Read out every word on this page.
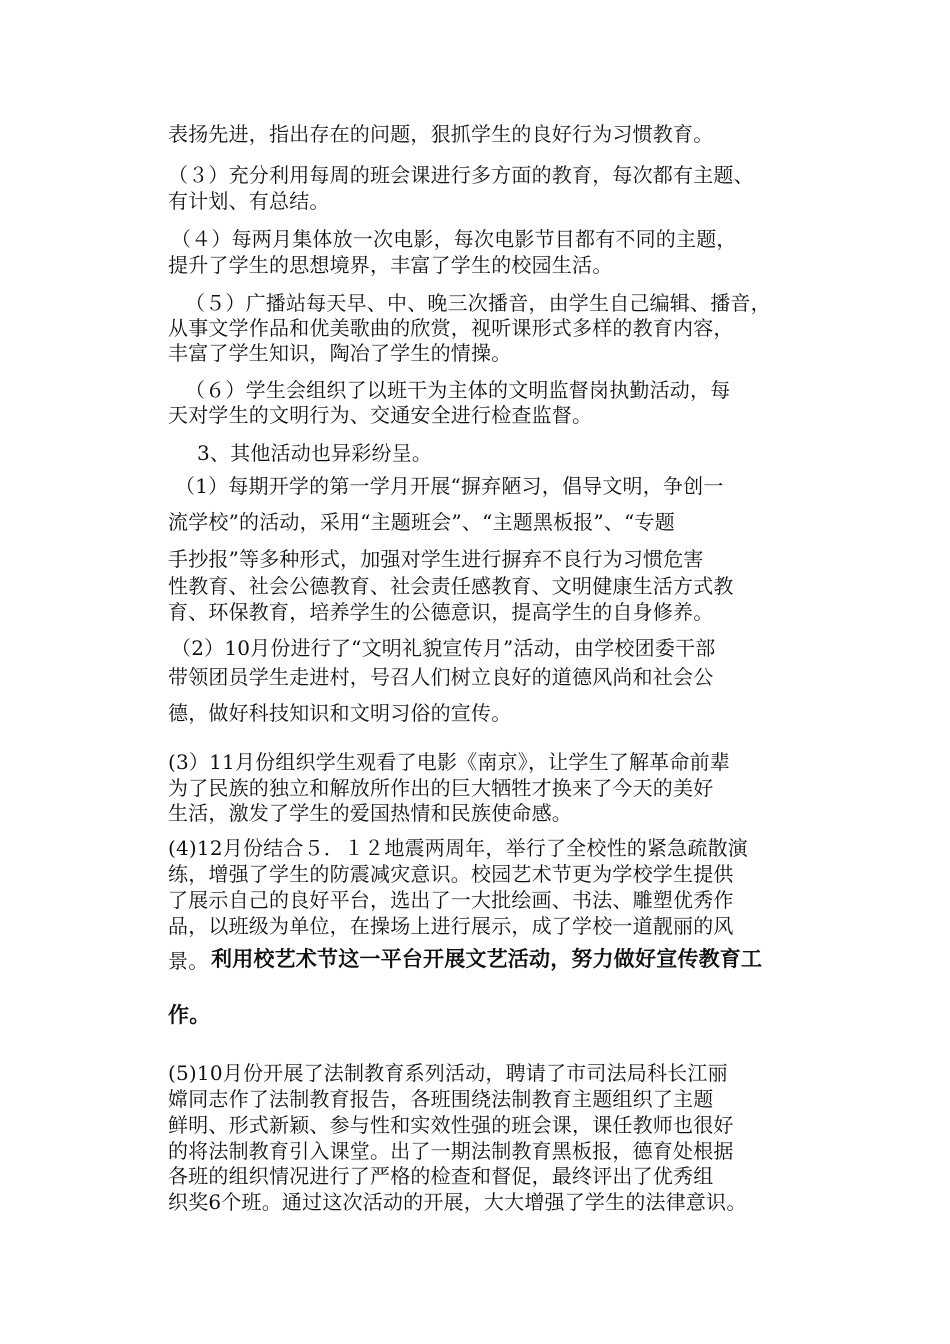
表扬先进，指出存在的问题，狠抓学生的良好行为习惯教育。
（３）充分利用每周的班会课进行多方面的教育，每次都有主题、
有计划、有总结。
（４）每两月集体放一次电影，每次电影节目都有不同的主题，
提升了学生的思想境界，丰富了学生的校园生活。
（５）广播站每天早、中、晚三次播音，由学生自己编辑、播音，
从事文学作品和优美歌曲的欣赏，视听课形式多样的教育内容，
丰富了学生知识，陶冶了学生的情操。
（６）学生会组织了以班干为主体的文明监督岗执勤活动，每
天对学生的文明行为、交通安全进行检查监督。
3、其他活动也异彩纷呈。
（1）每期开学的第一学月开展“摒弃陋习，倡导文明，争创一
流学校”的活动，采用“主题班会”、“主题黑板报”、“专题
手抄报”等多种形式，加强对学生进行摒弃不良行为习惯危害
性教育、社会公德教育、社会责任感教育、文明健康生活方式教
育、环保教育，培养学生的公德意识，提高学生的自身修养。
（2）10月份进行了“文明礼貌宣传月”活动，由学校团委干部
带领团员学生走进村，号召人们树立良好的道德风尚和社会公
德，做好科技知识和文明习俗的宣传。
(3）11月份组织学生观看了电影《南京》，让学生了解革命前辈
为了民族的独立和解放所作出的巨大牺牲才换来了今天的美好
生活，激发了学生的爱国热情和民族使命感。
(4)12月份结合５．１２地震两周年，举行了全校性的紧急疏散演
练，增强了学生的防震减灾意识。校园艺术节更为学校学生提供
了展示自己的良好平台，选出了一大批绘画、书法、雕塑优秀作
品，以班级为单位，在操场上进行展示，成了学校一道靓丽的风
景。 利用校艺术节这一平台开展文艺活动，努力做好宣传教育工
作。
(5)10月份开展了法制教育系列活动，聘请了市司法局科长江丽
嫦同志作了法制教育报告，各班围绕法制教育主题组织了主题
鲜明、形式新颖、参与性和实效性强的班会课，课任教师也很好
的将法制教育引入课堂。出了一期法制教育黑板报，德育处根据
各班的组织情况进行了严格的检查和督促，最终评出了优秀组
织奖6个班。通过这次活动的开展，大大增强了学生的法律意识。
